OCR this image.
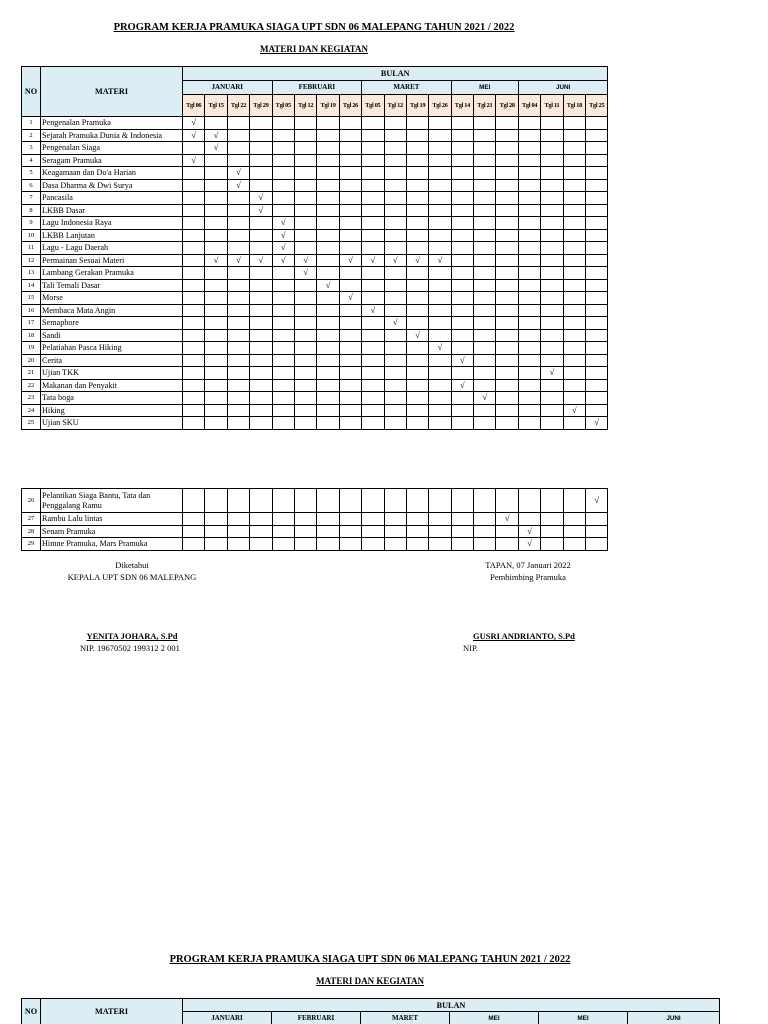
PROGRAM KERJA PRAMUKA SIAGA UPT SDN 06 MALEPANG TAHUN 2021 / 2022
MATERI DAN KEGIATAN
NO	MATERI	BULAN																		
		JANUARI				FEBRUARI				MARET				MEI			JUNI			
		Tgl 06	Tgl 15	Tgl 22	Tgl 29	Tgl 05	Tgl 12	Tgl 19	Tgl 26	Tgl 05	Tgl 12	Tgl 19	Tgl 26	Tgl 14	Tgl 21	Tgl 28	Tgl 04	Tgl 11	Tgl 18	Tgl 25
1	Pengenalan Pramuka	√																		
2	Sejarah Pramuka Dunia & Indonesia	√	√																	
3	Pengenalan Siaga		√																	
4	Seragam Pramuka	√																		
5	Keagamaan dan Do'a Harian			√																
6	Dasa Dharma & Dwi Surya			√																
7	Pancasila				√															
8	LKBB Dasar				√															
9	Lagu Indonesia Raya					√														
10	LKBB Lanjutan					√														
11	Lagu - Lagu Daerah					√														
12	Permainan Sesuai Materi		√	√	√	√	√		√	√	√	√	√							
13	Lambang Gerakan Pramuka						√													
14	Tali Temali Dasar							√												
15	Morse								√											
16	Membaca Mata Angin									√										
17	Semaphore										√									
18	Sandi											√								
19	Pelatiahan Pasca Hiking												√							
20	Cerita													√						
21	Ujian TKK																	√		
22	Makanan dan Penyakit													√						
23	Tata boga														√					
24	Hiking																		√	
25	Ujian SKU																			√
26	Pelantikan Siaga Bantu, Tata dan Penggalang Ramu																			√
27	Rambu Lalu lintas															√				
28	Senam Pramuka																√			
29	Himne Pramuka, Mars Pramuka																√			
Diketahui
KEPALA UPT SDN 06 MALEPANG
YENITA JOHARA, S.Pd
NIP. 19670502 199312 2 001
TAPAN, 07 Januari 2022
Pembimbing Pramuka
GUSRI ANDRIANTO, S.Pd
NIP.
PROGRAM KERJA PRAMUKA SIAGA UPT SDN 06 MALEPANG TAHUN 2021 / 2022
MATERI DAN KEGIATAN
NO	MATERI	BULAN					
		JANUARI	FEBRUARI	MARET	MEI	MEI	JUNI
